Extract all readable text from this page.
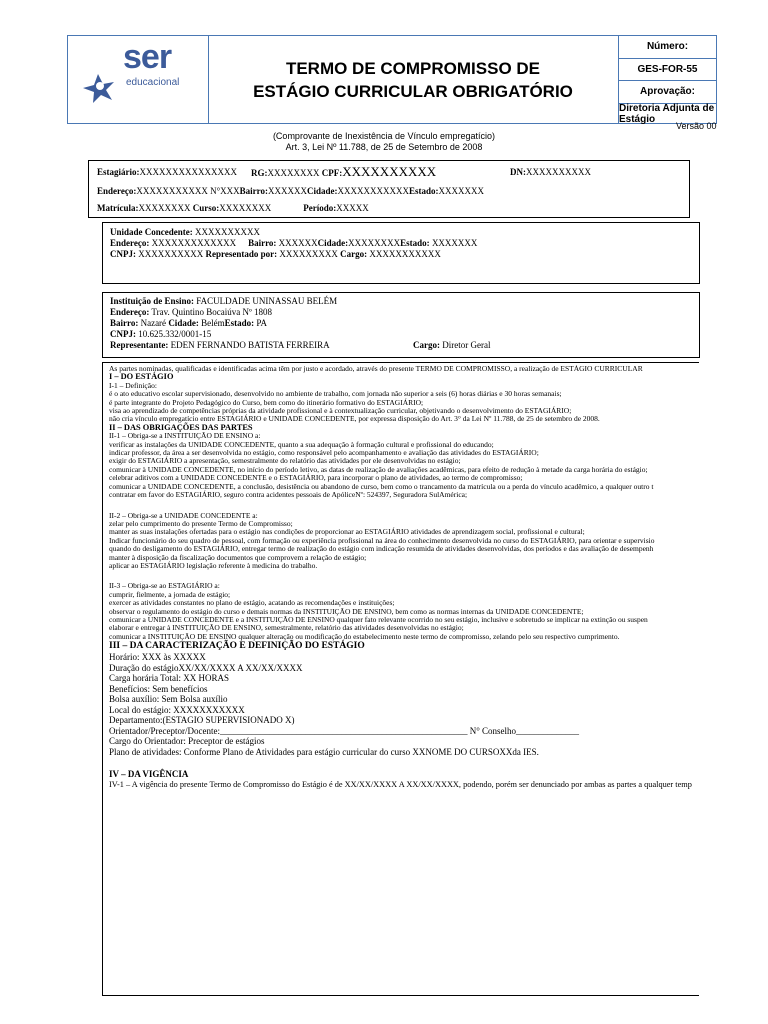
ser
educacional
TERMO DE COMPROMISSO DE
ESTÁGIO CURRICULAR OBRIGATÓRIO
Número:
GES-FOR-55
Aprovação:
Diretoria Adjunta de Estágio
Versão 00
(Comprovante de Inexistência de Vínculo empregatício)
Art. 3, Lei Nº 11.788, de 25 de Setembro de 2008
Estagiário:XXXXXXXXXXXXXXX RG:XXXXXXXX CPF:XXXXXXXXXX	DN:XXXXXXXXXX
Endereço:XXXXXXXXXXX N°XXXBairro:XXXXXXCidade:XXXXXXXXXXXEstado:XXXXXXX
Matrícula:XXXXXXXX Curso:XXXXXXXX	Período:XXXXX
Unidade Concedente: XXXXXXXXXX
Endereço: XXXXXXXXXXXXX Bairro: XXXXXXCidade:XXXXXXXXEstado: XXXXXXX
CNPJ: XXXXXXXXXX Representado por: XXXXXXXXX Cargo: XXXXXXXXXXX
Instituição de Ensino: FACULDADE UNINASSAU BELÉM
Endereço: Trav. Quintino Bocaiúva Nº 1808
Bairro: Nazaré Cidade: BelémEstado: PA
CNPJ: 10.625.332/0001-15
Representante: EDEN FERNANDO BATISTA FERREIRA	Cargo: Diretor Geral
As partes nominadas, qualificadas e identificadas acima têm por justo e acordado, através do presente TERMO DE COMPROMISSO, a realização de ESTÁGIO CURRICULAR
I – DO ESTÁGIO
I-1 – Definição:
é o ato educativo escolar supervisionado, desenvolvido no ambiente de trabalho, com jornada não superior a seis (6) horas diárias e 30 horas semanais;
é parte integrante do Projeto Pedagógico do Curso, bem como do itinerário formativo do ESTAGIÁRIO;
visa ao aprendizado de competências próprias da atividade profissional e à contextualização curricular, objetivando o desenvolvimento do ESTAGIÁRIO;
não cria vínculo empregatício entre ESTAGIÁRIO e UNIDADE CONCEDENTE, por expressa disposição do Art. 3° da Lei Nº 11.788, de 25 de setembro de 2008.
II – DAS OBRIGAÇÕES DAS PARTES
II-1 – Obriga-se a INSTITUIÇÃO DE ENSINO a:
verificar as instalações da UNIDADE CONCEDENTE, quanto a sua adequação à formação cultural e profissional do educando;
indicar professor, da área a ser desenvolvida no estágio, como responsável pelo acompanhamento e avaliação das atividades do ESTAGIÁRIO;
exigir do ESTAGIÁRIO a apresentação, semestralmente do relatório das atividades por ele desenvolvidas no estágio;
comunicar à UNIDADE CONCEDENTE, no início do período letivo, as datas de realização de avaliações acadêmicas, para efeito de redução à metade da carga horária do estágio;
celebrar aditivos com a UNIDADE CONCEDENTE e o ESTAGIÁRIO, para incorporar o plano de atividades, ao termo de compromisso;
comunicar a UNIDADE CONCEDENTE, a conclusão, desistência ou abandono de curso, bem como o trancamento da matrícula ou a perda do vínculo acadêmico, a qualquer outro t
contratar em favor do ESTAGIÁRIO, seguro contra acidentes pessoais de ApóliceNº: 524397, Seguradora SulAmérica;
II-2 – Obriga-se a UNIDADE CONCEDENTE a:
zelar pelo cumprimento do presente Termo de Compromisso;
manter as suas instalações ofertadas para o estágio nas condições de proporcionar ao ESTAGIÁRIO atividades de aprendizagem social, profissional e cultural;
Indicar funcionário do seu quadro de pessoal, com formação ou experiência profissional na área do conhecimento desenvolvida no curso do ESTAGIÁRIO, para orientar e supervisio
quando do desligamento do ESTAGIÁRIO, entregar termo de realização do estágio com indicação resumida de atividades desenvolvidas, dos períodos e das avaliação de desempenh
manter à disposição da fiscalização documentos que comprovem a relação de estágio;
aplicar ao ESTAGIÁRIO legislação referente à medicina do trabalho.
II-3 – Obriga-se ao ESTAGIÁRIO a:
cumprir, fielmente, a jornada de estágio;
exercer as atividades constantes no plano de estágio, acatando as recomendações e instituições;
observar o regulamento do estágio do curso e demais normas da INSTITUIÇÃO DE ENSINO, bem como as normas internas da UNIDADE CONCEDENTE;
comunicar a UNIDADE CONCEDENTE e a INSTITUIÇÃO DE ENSINO qualquer fato relevante ocorrido no seu estágio, inclusive e sobretudo se implicar na extinção ou suspen
elaborar e entregar à INSTITUIÇÃO DE ENSINO, semestralmente, relatório das atividades desenvolvidas no estágio;
comunicar a INSTITUIÇÃO DE ENSINO qualquer alteração ou modificação do estabelecimento neste termo de compromisso, zelando pelo seu respectivo cumprimento.
III – DA CARACTERIZAÇÃO E DEFINIÇÃO DO ESTÁGIO
Horário: XXX às XXXXX
Duração do estágioXX/XX/XXXX A XX/XX/XXXX
Carga horária Total: XX HORAS
Benefícios: Sem benefícios
Bolsa auxílio: Sem Bolsa auxílio
Local do estágio: XXXXXXXXXXX
Departamento:(ESTAGIO SUPERVISIONADO X)
Orientador/Preceptor/Docente:_______________________________________________________ N° Conselho______________
Cargo do Orientador: Preceptor de estágios
Plano de atividades: Conforme Plano de Atividades para estágio curricular do curso XXNOME DO CURSOXXda IES.
IV – DA VIGÊNCIA
IV-1 – A vigência do presente Termo de Compromisso do Estágio é de XX/XX/XXXX A XX/XX/XXXX, podendo, porém ser denunciado por ambas as partes a qualquer temp
